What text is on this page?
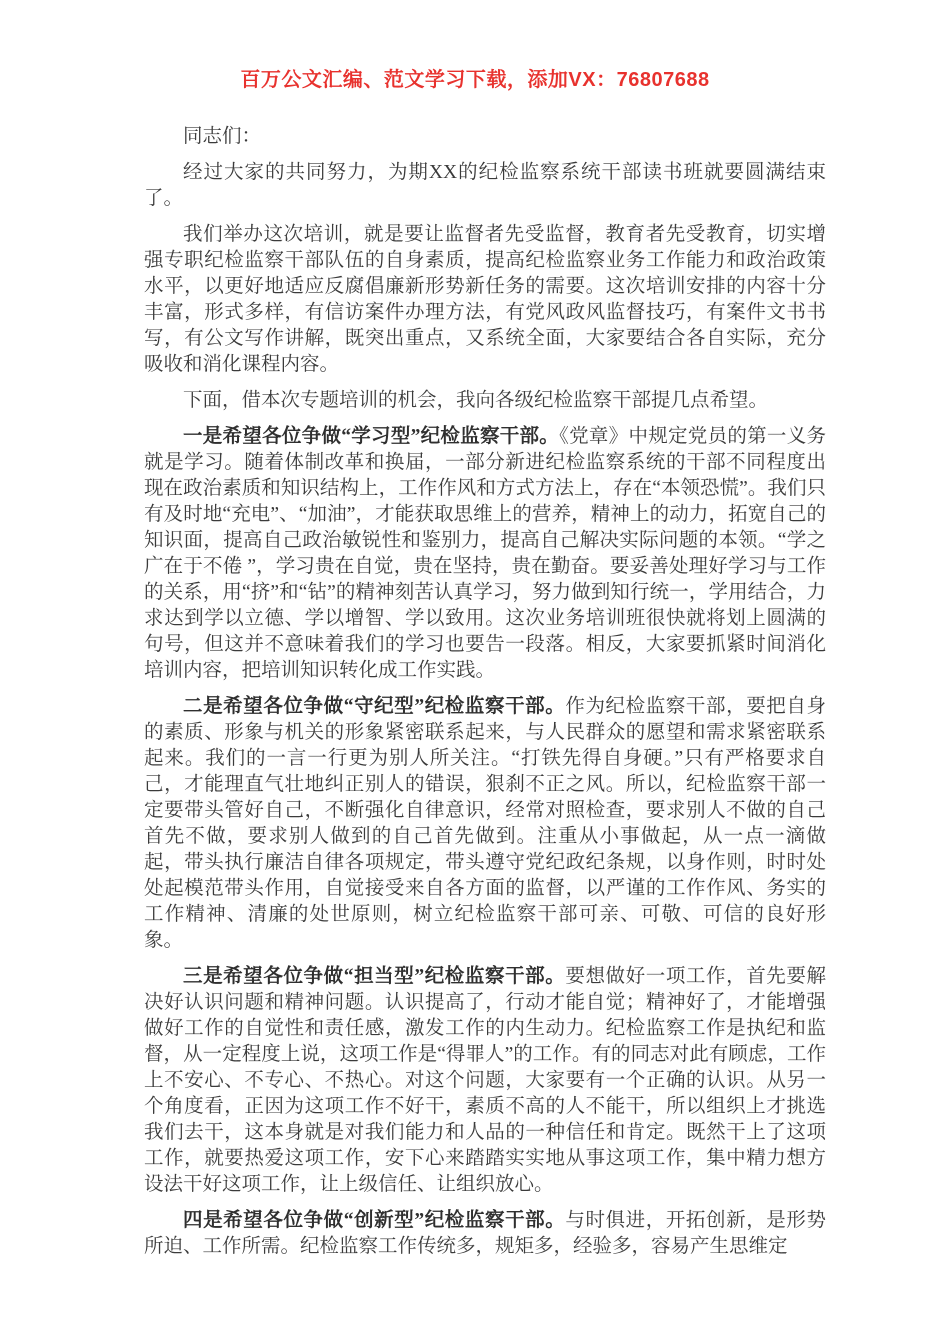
百万公文汇编、范文学习下载，添加VX：76807688

同志们：

经过大家的共同努力，为期XX的纪检监察系统干部读书班就要圆满结束了。

我们举办这次培训，就是要让监督者先受监督，教育者先受教育，切实增强专职纪检监察干部队伍的自身素质，提高纪检监察业务工作能力和政治政策水平，以更好地适应反腐倡廉新形势新任务的需要。这次培训安排的内容十分丰富，形式多样，有信访案件办理方法，有党风政风监督技巧，有案件文书书写，有公文写作讲解，既突出重点，又系统全面，大家要结合各自实际，充分吸收和消化课程内容。

下面，借本次专题培训的机会，我向各级纪检监察干部提几点希望。

一是希望各位争做“学习型”纪检监察干部。《党章》中规定党员的第一义务就是学习。随着体制改革和换届，一部分新进纪检监察系统的干部不同程度出现在政治素质和知识结构上，工作作风和方式方法上，存在“本领恐慌”。我们只有及时地“充电”、“加油”，才能获取思维上的营养，精神上的动力，拓宽自己的知识面，提高自己政治敏锐性和鉴别力，提高自己解决实际问题的本领。“学之广在于不倦 ”，学习贵在自觉，贵在坚持，贵在勤奋。要妥善处理好学习与工作的关系，用“挤”和“钻”的精神刻苦认真学习，努力做到知行统一，学用结合，力求达到学以立德、学以增智、学以致用。这次业务培训班很快就将划上圆满的句号，但这并不意味着我们的学习也要告一段落。相反，大家要抓紧时间消化培训内容，把培训知识转化成工作实践。

二是希望各位争做“守纪型”纪检监察干部。作为纪检监察干部，要把自身的素质、形象与机关的形象紧密联系起来，与人民群众的愿望和需求紧密联系起来。我们的一言一行更为别人所关注。“打铁先得自身硬。”只有严格要求自己，才能理直气壮地纠正别人的错误，狠刹不正之风。所以，纪检监察干部一定要带头管好自己，不断强化自律意识，经常对照检查，要求别人不做的自己首先不做，要求别人做到的自己首先做到。注重从小事做起，从一点一滴做起，带头执行廉洁自律各项规定，带头遵守党纪政纪条规，以身作则，时时处处起模范带头作用，自觉接受来自各方面的监督，以严谨的工作作风、务实的工作精神、清廉的处世原则，树立纪检监察干部可亲、可敬、可信的良好形象。

三是希望各位争做“担当型”纪检监察干部。要想做好一项工作，首先要解决好认识问题和精神问题。认识提高了，行动才能自觉；精神好了，才能增强做好工作的自觉性和责任感，激发工作的内生动力。纪检监察工作是执纪和监督，从一定程度上说，这项工作是“得罪人”的工作。有的同志对此有顾虑，工作上不安心、不专心、不热心。对这个问题，大家要有一个正确的认识。从另一个角度看，正因为这项工作不好干，素质不高的人不能干，所以组织上才挑选我们去干，这本身就是对我们能力和人品的一种信任和肯定。既然干上了这项工作，就要热爱这项工作，安下心来踏踏实实地从事这项工作，集中精力想方设法干好这项工作，让上级信任、让组织放心。

四是希望各位争做“创新型”纪检监察干部。与时俱进，开拓创新，是形势所迫、工作所需。纪检监察工作传统多，规矩多，经验多，容易产生思维定
